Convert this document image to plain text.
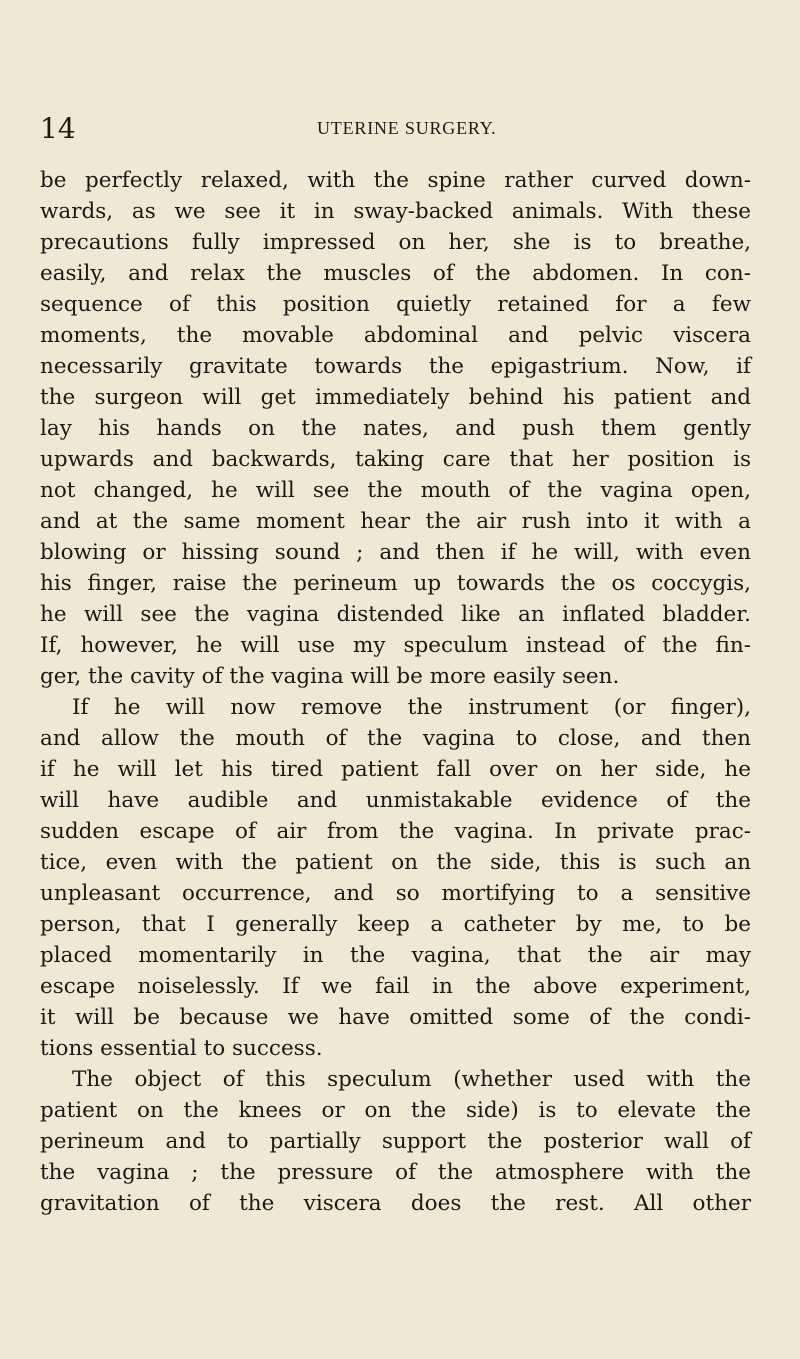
14	UTERINE SURGERY.
be perfectly relaxed, with the spine rather curved down-
wards, as we see it in sway-backed animals. With these
precautions fully impressed on her, she is to breathe,
easily, and relax the muscles of the abdomen. In con-
sequence of this position quietly retained for a few
moments, the movable abdominal and pelvic viscera
necessarily gravitate towards the epigastrium. Now, if
the surgeon will get immediately behind his patient and
lay his hands on the nates, and push them gently
upwards and backwards, taking care that her position is
not changed, he will see the mouth of the vagina open,
and at the same moment hear the air rush into it with a
blowing or hissing sound ; and then if he will, with even
his finger, raise the perineum up towards the os coccygis,
he will see the vagina distended like an inflated bladder.
If, however, he will use my speculum instead of the fin-
ger, the cavity of the vagina will be more easily seen.
If he will now remove the instrument (or finger),
and allow the mouth of the vagina to close, and then
if he will let his tired patient fall over on her side, he
will have audible and unmistakable evidence of the
sudden escape of air from the vagina. In private prac-
tice, even with the patient on the side, this is such an
unpleasant occurrence, and so mortifying to a sensitive
person, that I generally keep a catheter by me, to be
placed momentarily in the vagina, that the air may
escape noiselessly. If we fail in the above experiment,
it will be because we have omitted some of the condi-
tions essential to success.
The object of this speculum (whether used with the
patient on the knees or on the side) is to elevate the
perineum and to partially support the posterior wall of
the vagina ; the pressure of the atmosphere with the
gravitation of the viscera does the rest. All other
